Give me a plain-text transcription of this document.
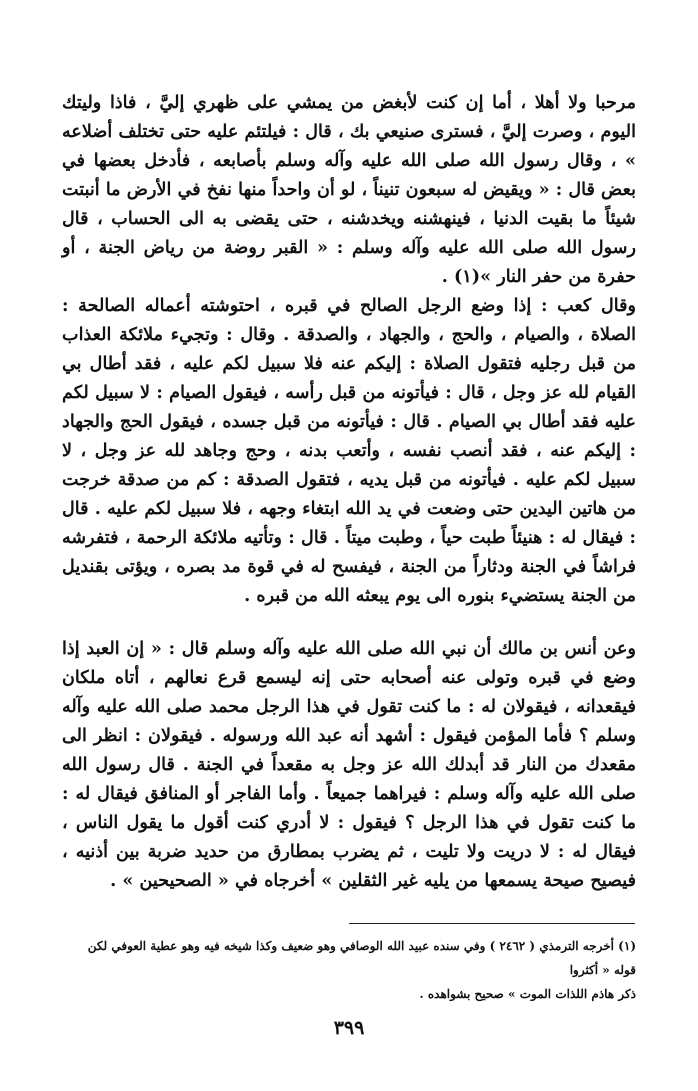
مرحبا ولا أهلا ، أما إن كنت لأبغض من يمشي على ظهري إليَّ ، فاذا وليتك اليوم ، وصرت إليَّ ، فسترى صنيعي بك ، قال : فيلتئم عليه حتى تختلف أضلاعه » ، وقال رسول الله صلى الله عليه وآله وسلم بأصابعه ، فأدخل بعضها في بعض قال : « ويقيض له سبعون تنيناً ، لو أن واحداً منها نفخ في الأرض ما أنبتت شيئاً ما بقيت الدنيا ، فينهشنه ويخدشنه ، حتى يقضى به الى الحساب ، قال رسول الله صلى الله عليه وآله وسلم : « القبر روضة من رياض الجنة ، أو حفرة من حفر النار »(١) .

وقال كعب : إذا وضع الرجل الصالح في قبره ، احتوشته أعماله الصالحة : الصلاة ، والصيام ، والحج ، والجهاد ، والصدقة . وقال : وتجيء ملائكة العذاب من قبل رجليه فتقول الصلاة : إليكم عنه فلا سبيل لكم عليه ، فقد أطال بي القيام لله عز وجل ، قال : فيأتونه من قبل رأسه ، فيقول الصيام : لا سبيل لكم عليه فقد أطال بي الصيام . قال : فيأتونه من قبل جسده ، فيقول الحج والجهاد : إليكم عنه ، فقد أنصب نفسه ، وأتعب بدنه ، وحج وجاهد لله عز وجل ، لا سبيل لكم عليه . فيأتونه من قبل يديه ، فتقول الصدقة : كم من صدقة خرجت من هاتين اليدين حتى وضعت في يد الله ابتغاء وجهه ، فلا سبيل لكم عليه . قال : فيقال له : هنيئاً طبت حياً ، وطبت ميتاً . قال : وتأتيه ملائكة الرحمة ، فتفرشه فراشاً في الجنة ودثاراً من الجنة ، فيفسح له في قوة مد بصره ، ويؤتى بقنديل من الجنة يستضيء بنوره الى يوم يبعثه الله من قبره .

وعن أنس بن مالك أن نبي الله صلى الله عليه وآله وسلم قال : « إن العبد إذا وضع في قبره وتولى عنه أصحابه حتى إنه ليسمع قرع نعالهم ، أتاه ملكان فيقعدانه ، فيقولان له : ما كنت تقول في هذا الرجل محمد صلى الله عليه وآله وسلم ؟ فأما المؤمن فيقول : أشهد أنه عبد الله ورسوله . فيقولان : انظر الى مقعدك من النار قد أبدلك الله عز وجل به مقعداً في الجنة . قال رسول الله صلى الله عليه وآله وسلم : فيراهما جميعاً . وأما الفاجر أو المنافق فيقال له : ما كنت تقول في هذا الرجل ؟ فيقول : لا أدري كنت أقول ما يقول الناس ، فيقال له : لا دريت ولا تليت ، ثم يضرب بمطارق من حديد ضربة بين أذنيه ، فيصيح صيحة يسمعها من يليه غير الثقلين » أخرجاه في « الصحيحين » .

(١) أخرجه الترمذي ( ٢٤٦٢ ) وفي سنده عبيد الله الوصافي وهو ضعيف وكذا شيخه فيه وهو عطية العوفي لكن قوله « أكثروا

ذكر هاذم اللذات الموت » صحيح بشواهده .

٣٩٩
